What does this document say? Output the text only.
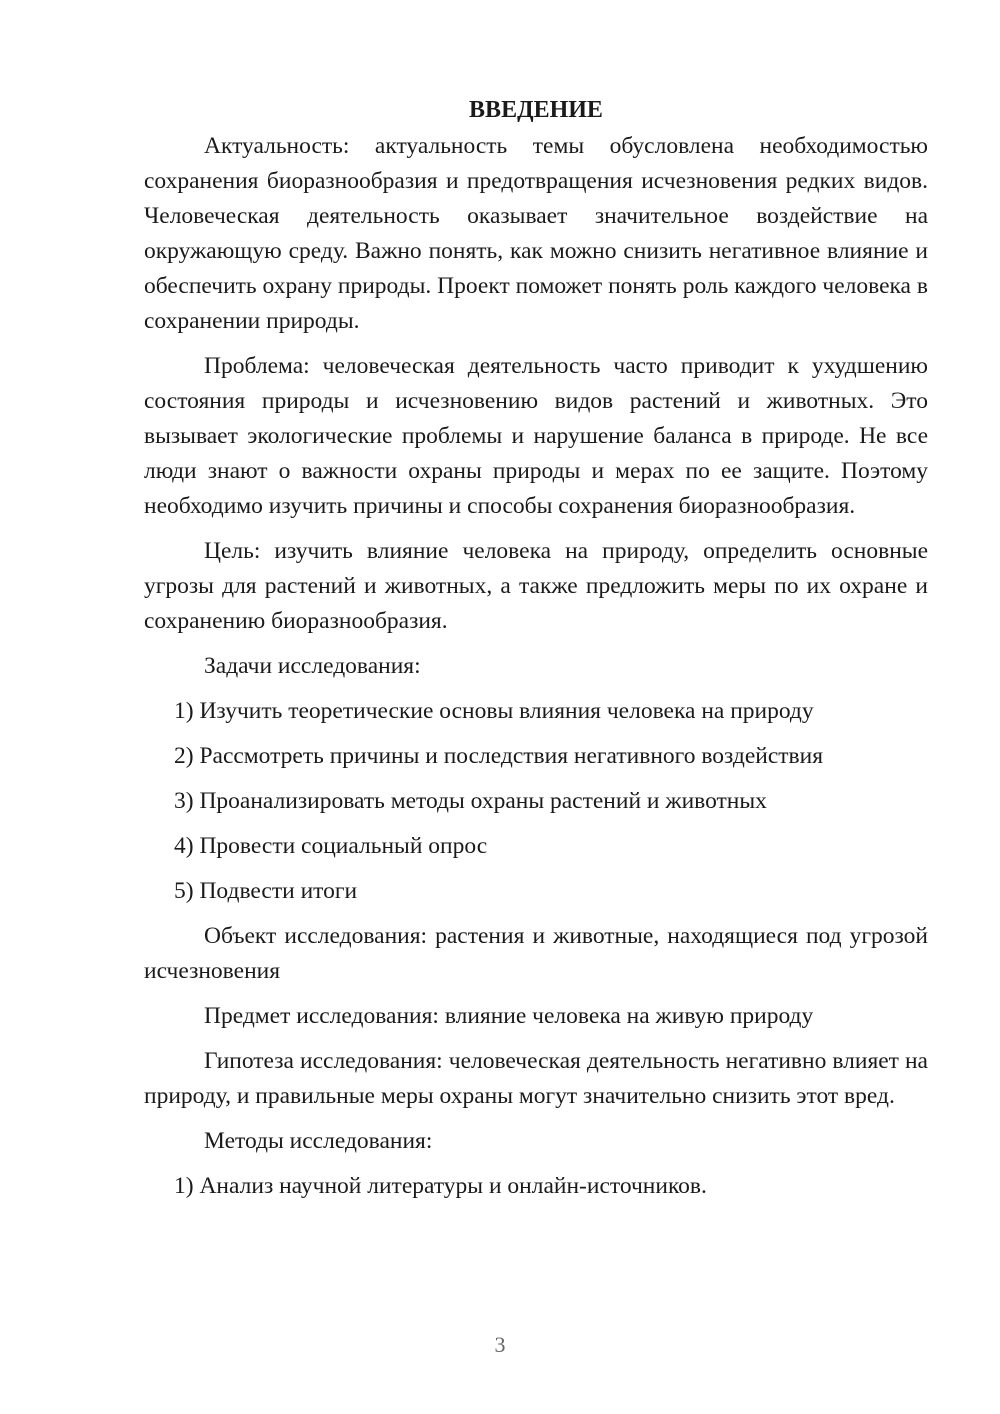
ВВЕДЕНИЕ

Актуальность: актуальность темы обусловлена необходимостью сохранения биоразнообразия и предотвращения исчезновения редких видов. Человеческая деятельность оказывает значительное воздействие на окружающую среду. Важно понять, как можно снизить негативное влияние и обеспечить охрану природы. Проект поможет понять роль каждого человека в сохранении природы.

Проблема: человеческая деятельность часто приводит к ухудшению состояния природы и исчезновению видов растений и животных. Это вызывает экологические проблемы и нарушение баланса в природе. Не все люди знают о важности охраны природы и мерах по ее защите. Поэтому необходимо изучить причины и способы сохранения биоразнообразия.

Цель: изучить влияние человека на природу, определить основные угрозы для растений и животных, а также предложить меры по их охране и сохранению биоразнообразия.

Задачи исследования:

1) Изучить теоретические основы влияния человека на природу
2) Рассмотреть причины и последствия негативного воздействия
3) Проанализировать методы охраны растений и животных
4) Провести социальный опрос
5) Подвести итоги

Объект исследования: растения и животные, находящиеся под угрозой исчезновения

Предмет исследования: влияние человека на живую природу

Гипотеза исследования: человеческая деятельность негативно влияет на природу, и правильные меры охраны могут значительно снизить этот вред.

Методы исследования:

1) Анализ научной литературы и онлайн-источников.
3
